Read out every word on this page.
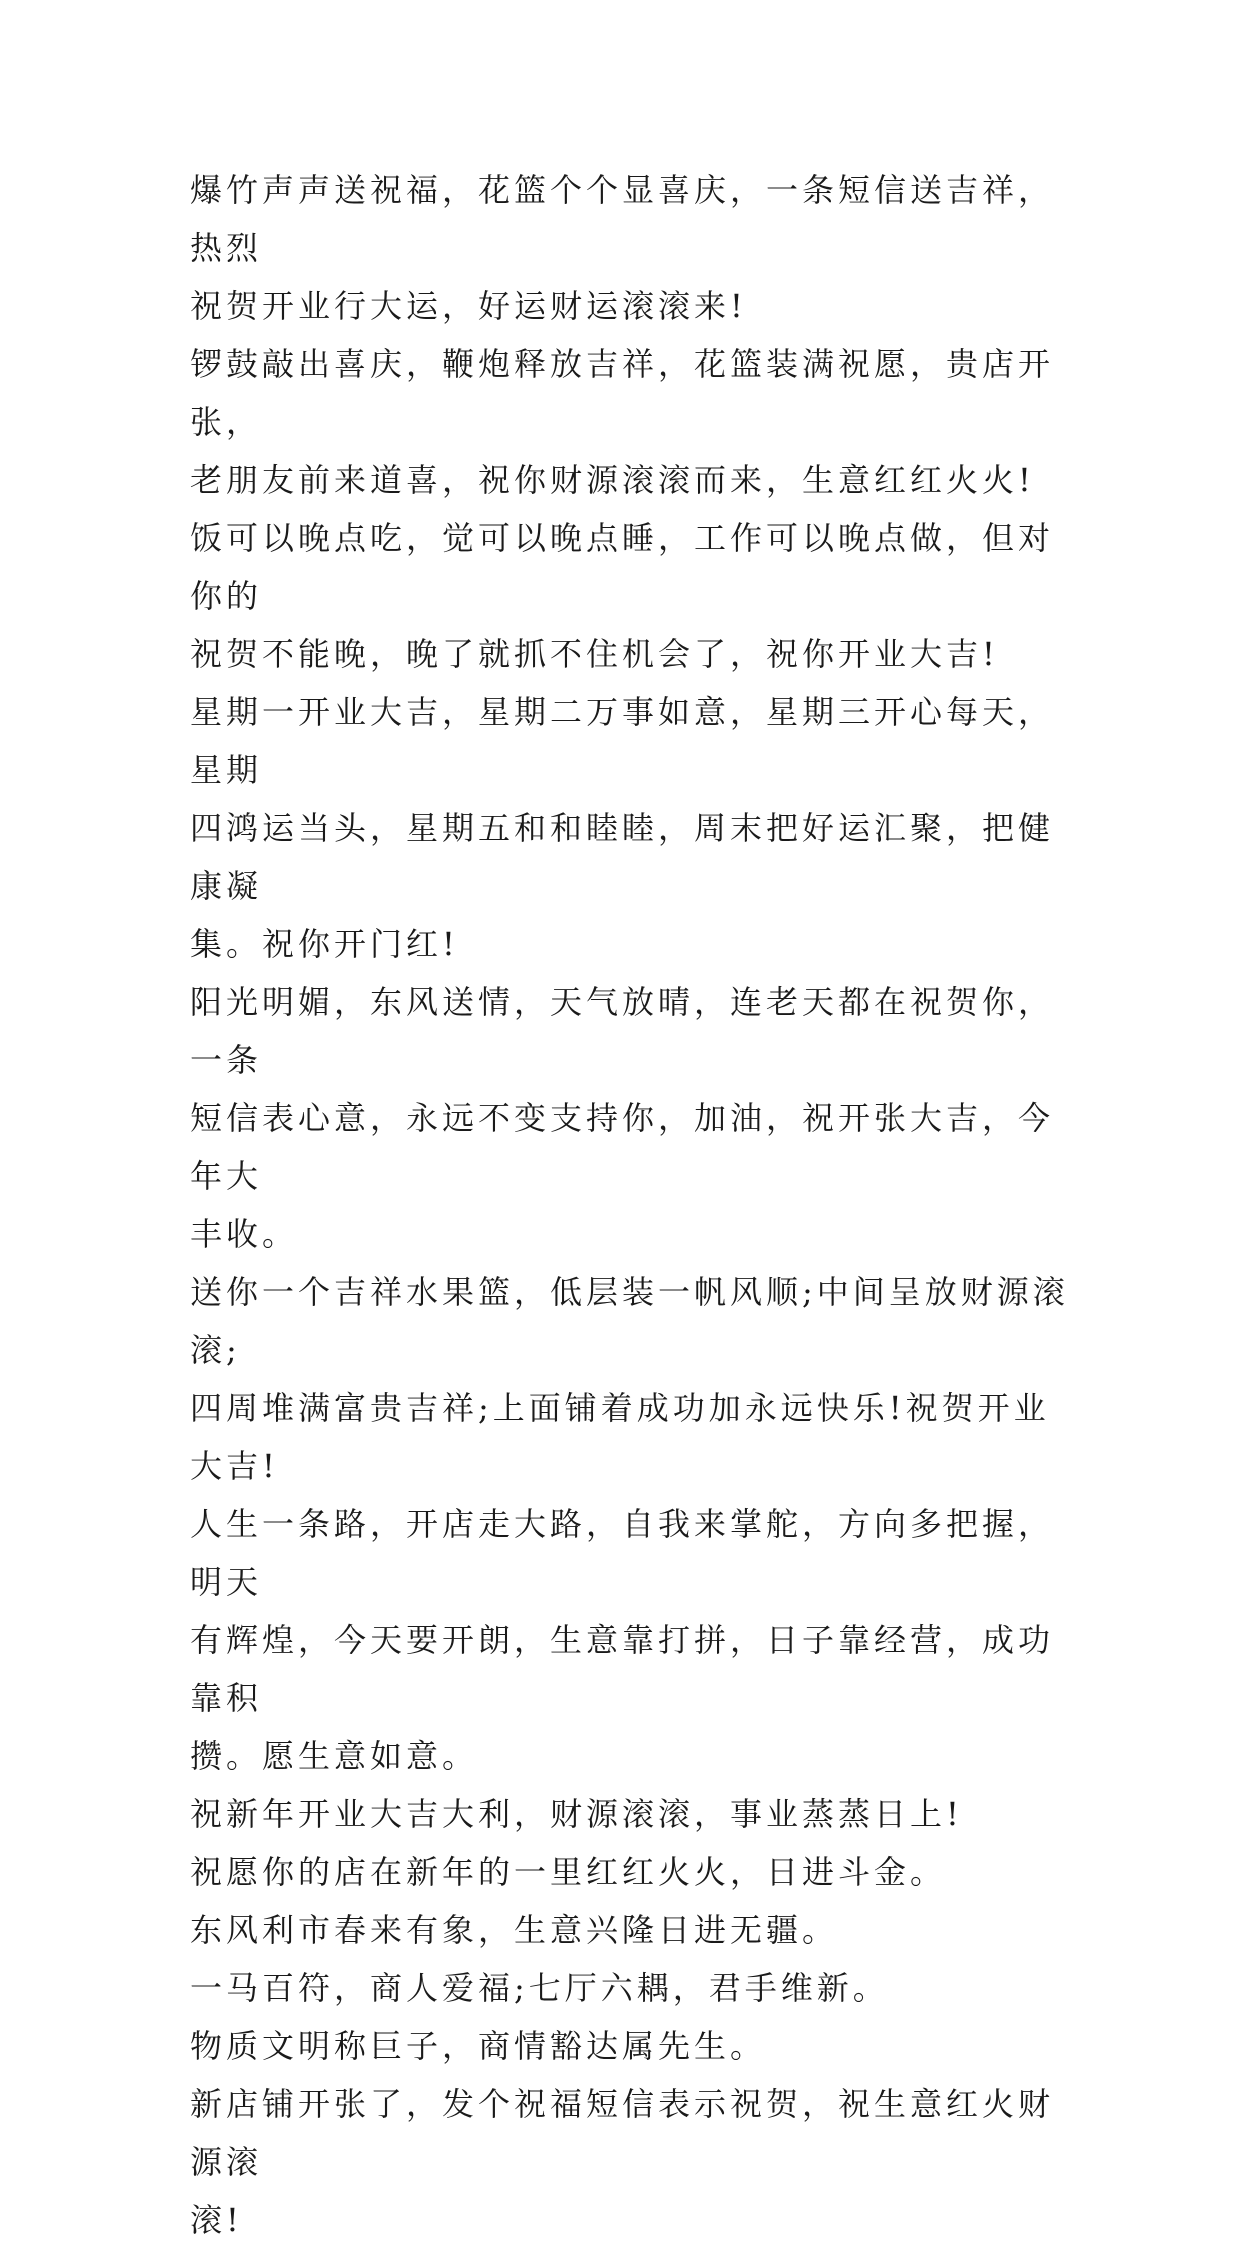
爆竹声声送祝福，花篮个个显喜庆，一条短信送吉祥，热烈

祝贺开业行大运，好运财运滚滚来!

锣鼓敲出喜庆，鞭炮释放吉祥，花篮装满祝愿，贵店开张，

老朋友前来道喜，祝你财源滚滚而来，生意红红火火!

饭可以晚点吃，觉可以晚点睡，工作可以晚点做，但对你的

祝贺不能晚，晚了就抓不住机会了，祝你开业大吉!

星期一开业大吉，星期二万事如意，星期三开心每天，星期

四鸿运当头，星期五和和睦睦，周末把好运汇聚，把健康凝

集。祝你开门红!

阳光明媚，东风送情，天气放晴，连老天都在祝贺你，一条

短信表心意，永远不变支持你，加油，祝开张大吉，今年大

丰收。

送你一个吉祥水果篮，低层装一帆风顺;中间呈放财源滚滚;

四周堆满富贵吉祥;上面铺着成功加永远快乐!祝贺开业大吉!

人生一条路，开店走大路，自我来掌舵，方向多把握，明天

有辉煌，今天要开朗，生意靠打拼，日子靠经营，成功靠积

攒。愿生意如意。

祝新年开业大吉大利，财源滚滚，事业蒸蒸日上!

祝愿你的店在新年的一里红红火火，日进斗金。

东风利市春来有象，生意兴隆日进无疆。

一马百符，商人爱福;七厅六耦，君手维新。

物质文明称巨子，商情豁达属先生。

新店铺开张了，发个祝福短信表示祝贺，祝生意红火财源滚

滚!
